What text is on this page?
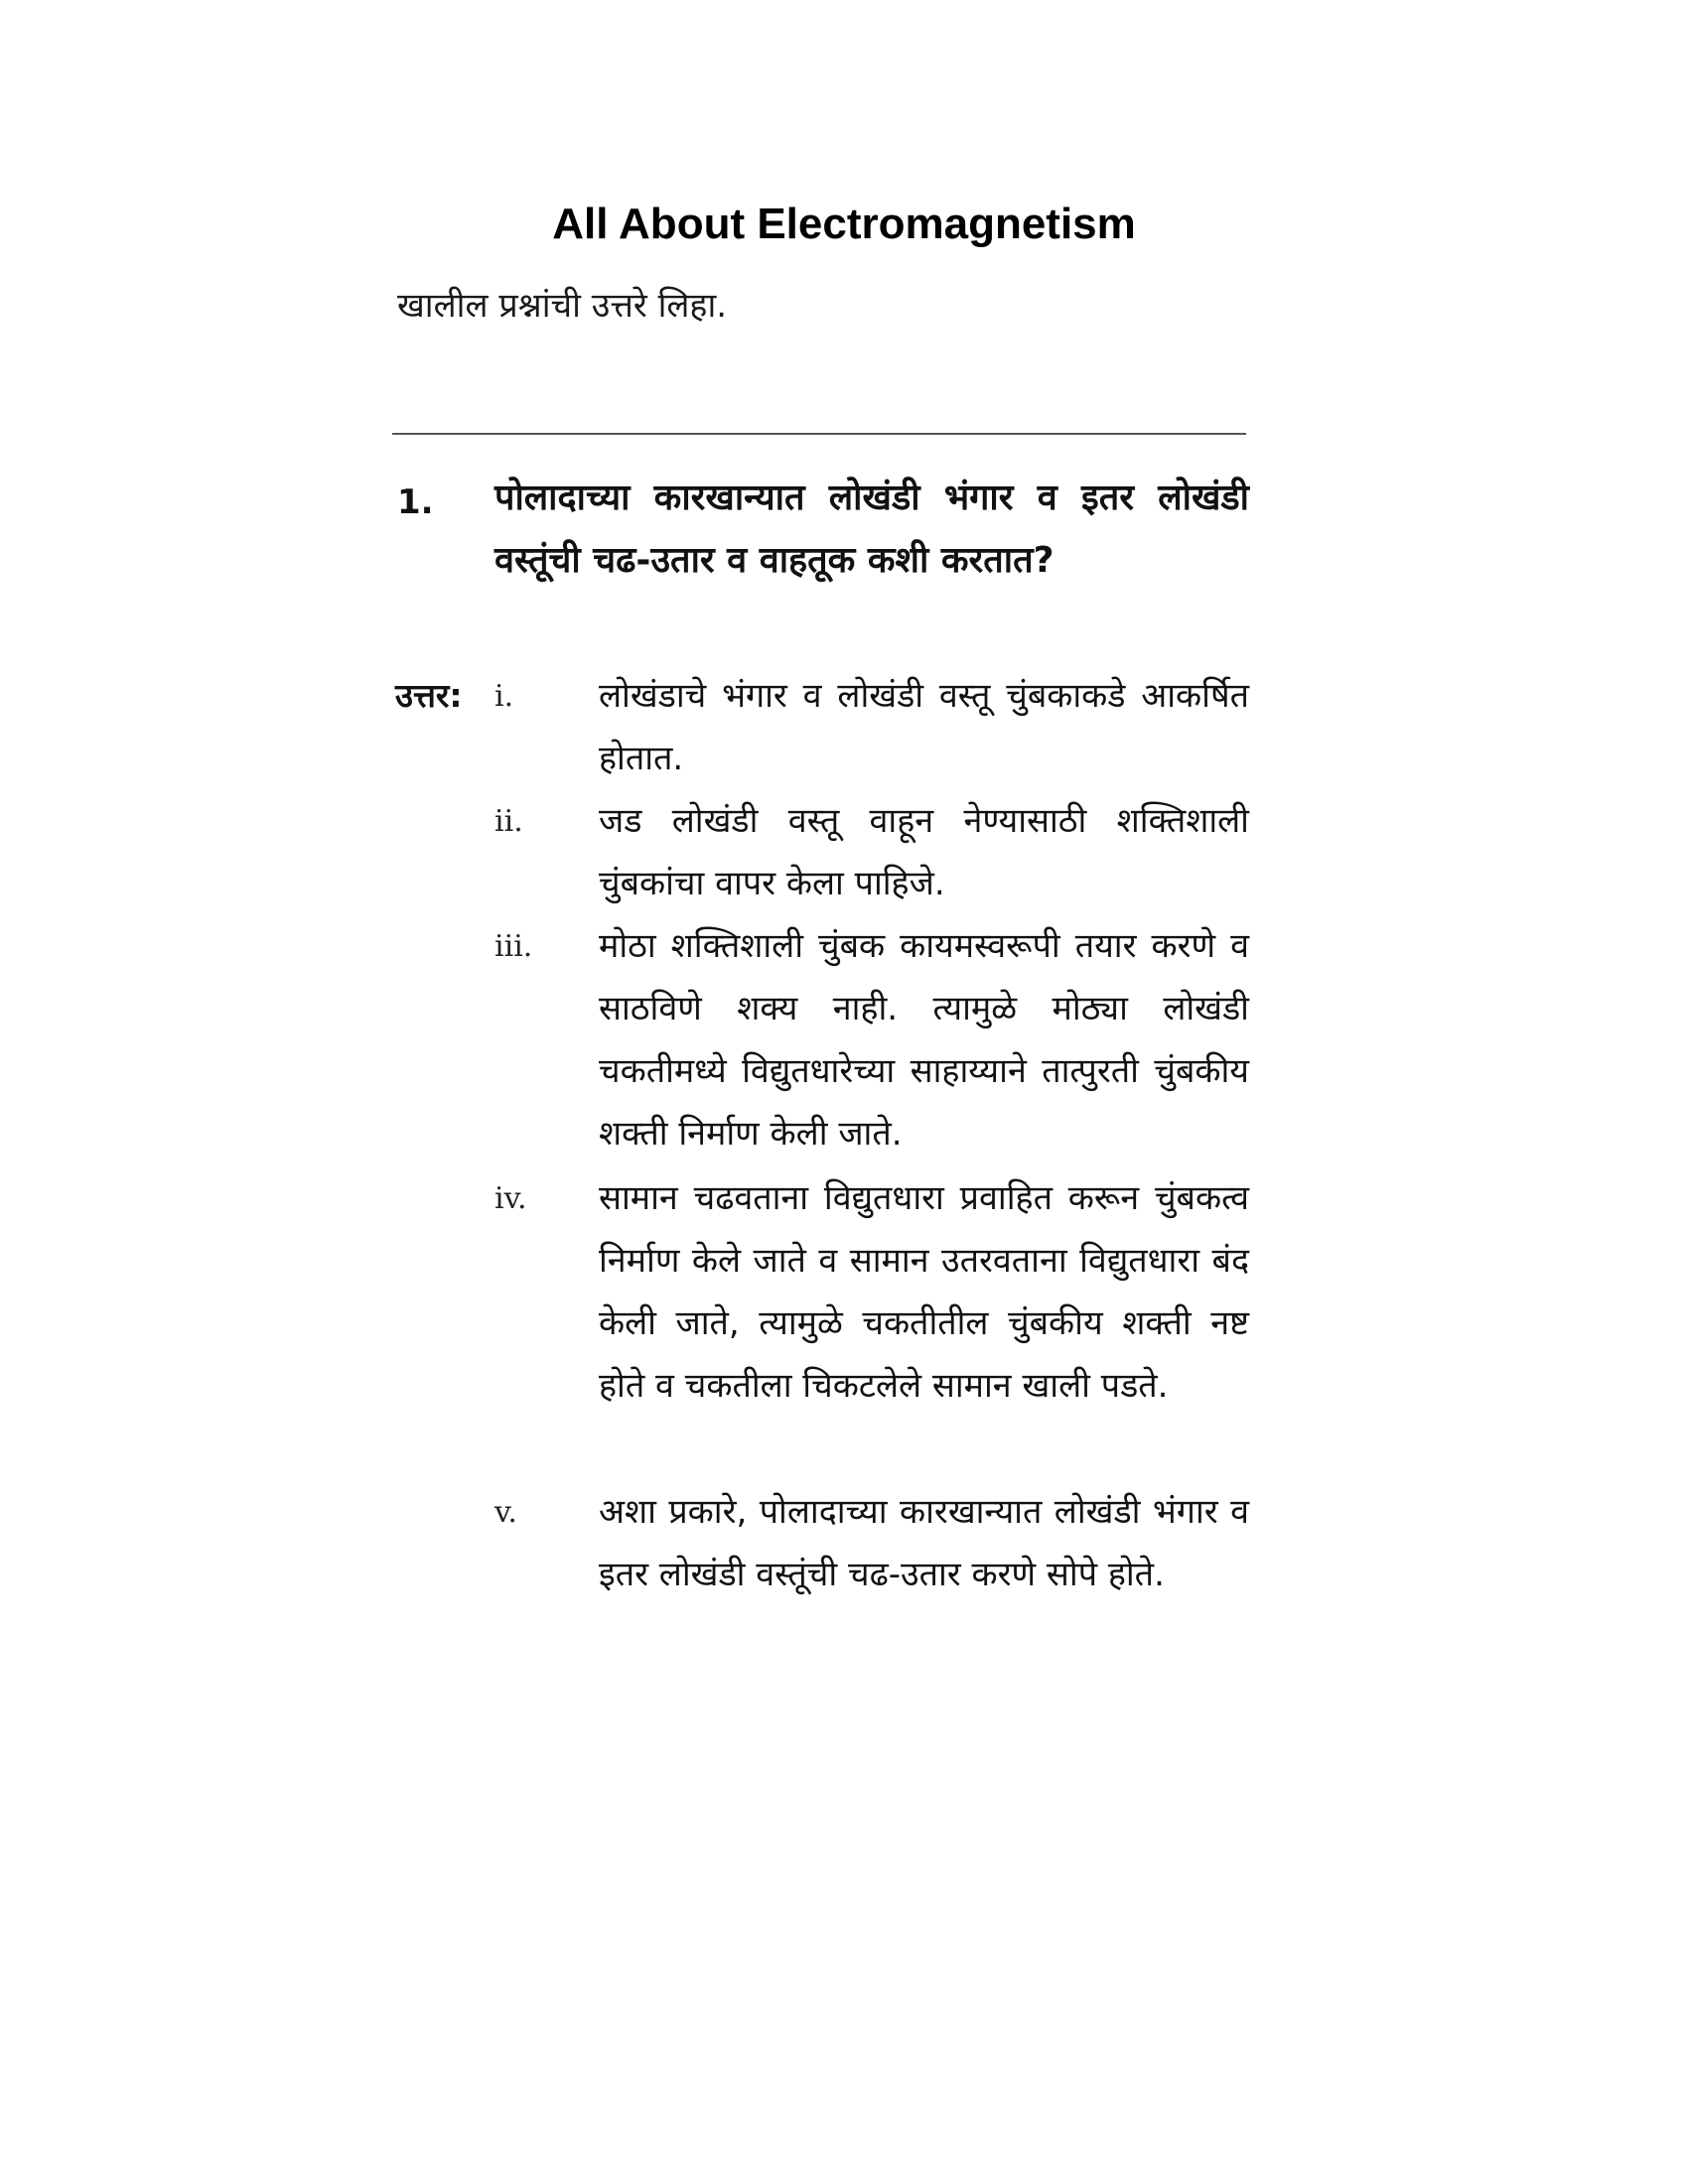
All About Electromagnetism
खालील प्रश्नांची उत्तरे लिहा.
1. पोलादाच्या कारखान्यात लोखंडी भंगार व इतर लोखंडी वस्तूंची चढ-उतार व वाहतूक कशी करतात?
उत्तर: i.	लोखंडाचे भंगार व लोखंडी वस्तू चुंबकाकडे आकर्षित होतात.
ii. जड लोखंडी वस्तू वाहून नेण्यासाठी शक्तिशाली चुंबकांचा वापर केला पाहिजे.
iii. मोठा शक्तिशाली चुंबक कायमस्वरूपी तयार करणे व साठविणे शक्य नाही. त्यामुळे मोठ्या लोखंडी चकतीमध्ये विद्युतधारेच्या साहाय्याने तात्पुरती चुंबकीय शक्ती निर्माण केली जाते.
iv. सामान चढवताना विद्युतधारा प्रवाहित करून चुंबकत्व निर्माण केले जाते व सामान उतरवताना विद्युतधारा बंद केली जाते, त्यामुळे चकतीतील चुंबकीय शक्ती नष्ट होते व चकतीला चिकटलेले सामान खाली पडते.
v. अशा प्रकारे, पोलादाच्या कारखान्यात लोखंडी भंगार व इतर लोखंडी वस्तूंची चढ-उतार करणे सोपे होते.
